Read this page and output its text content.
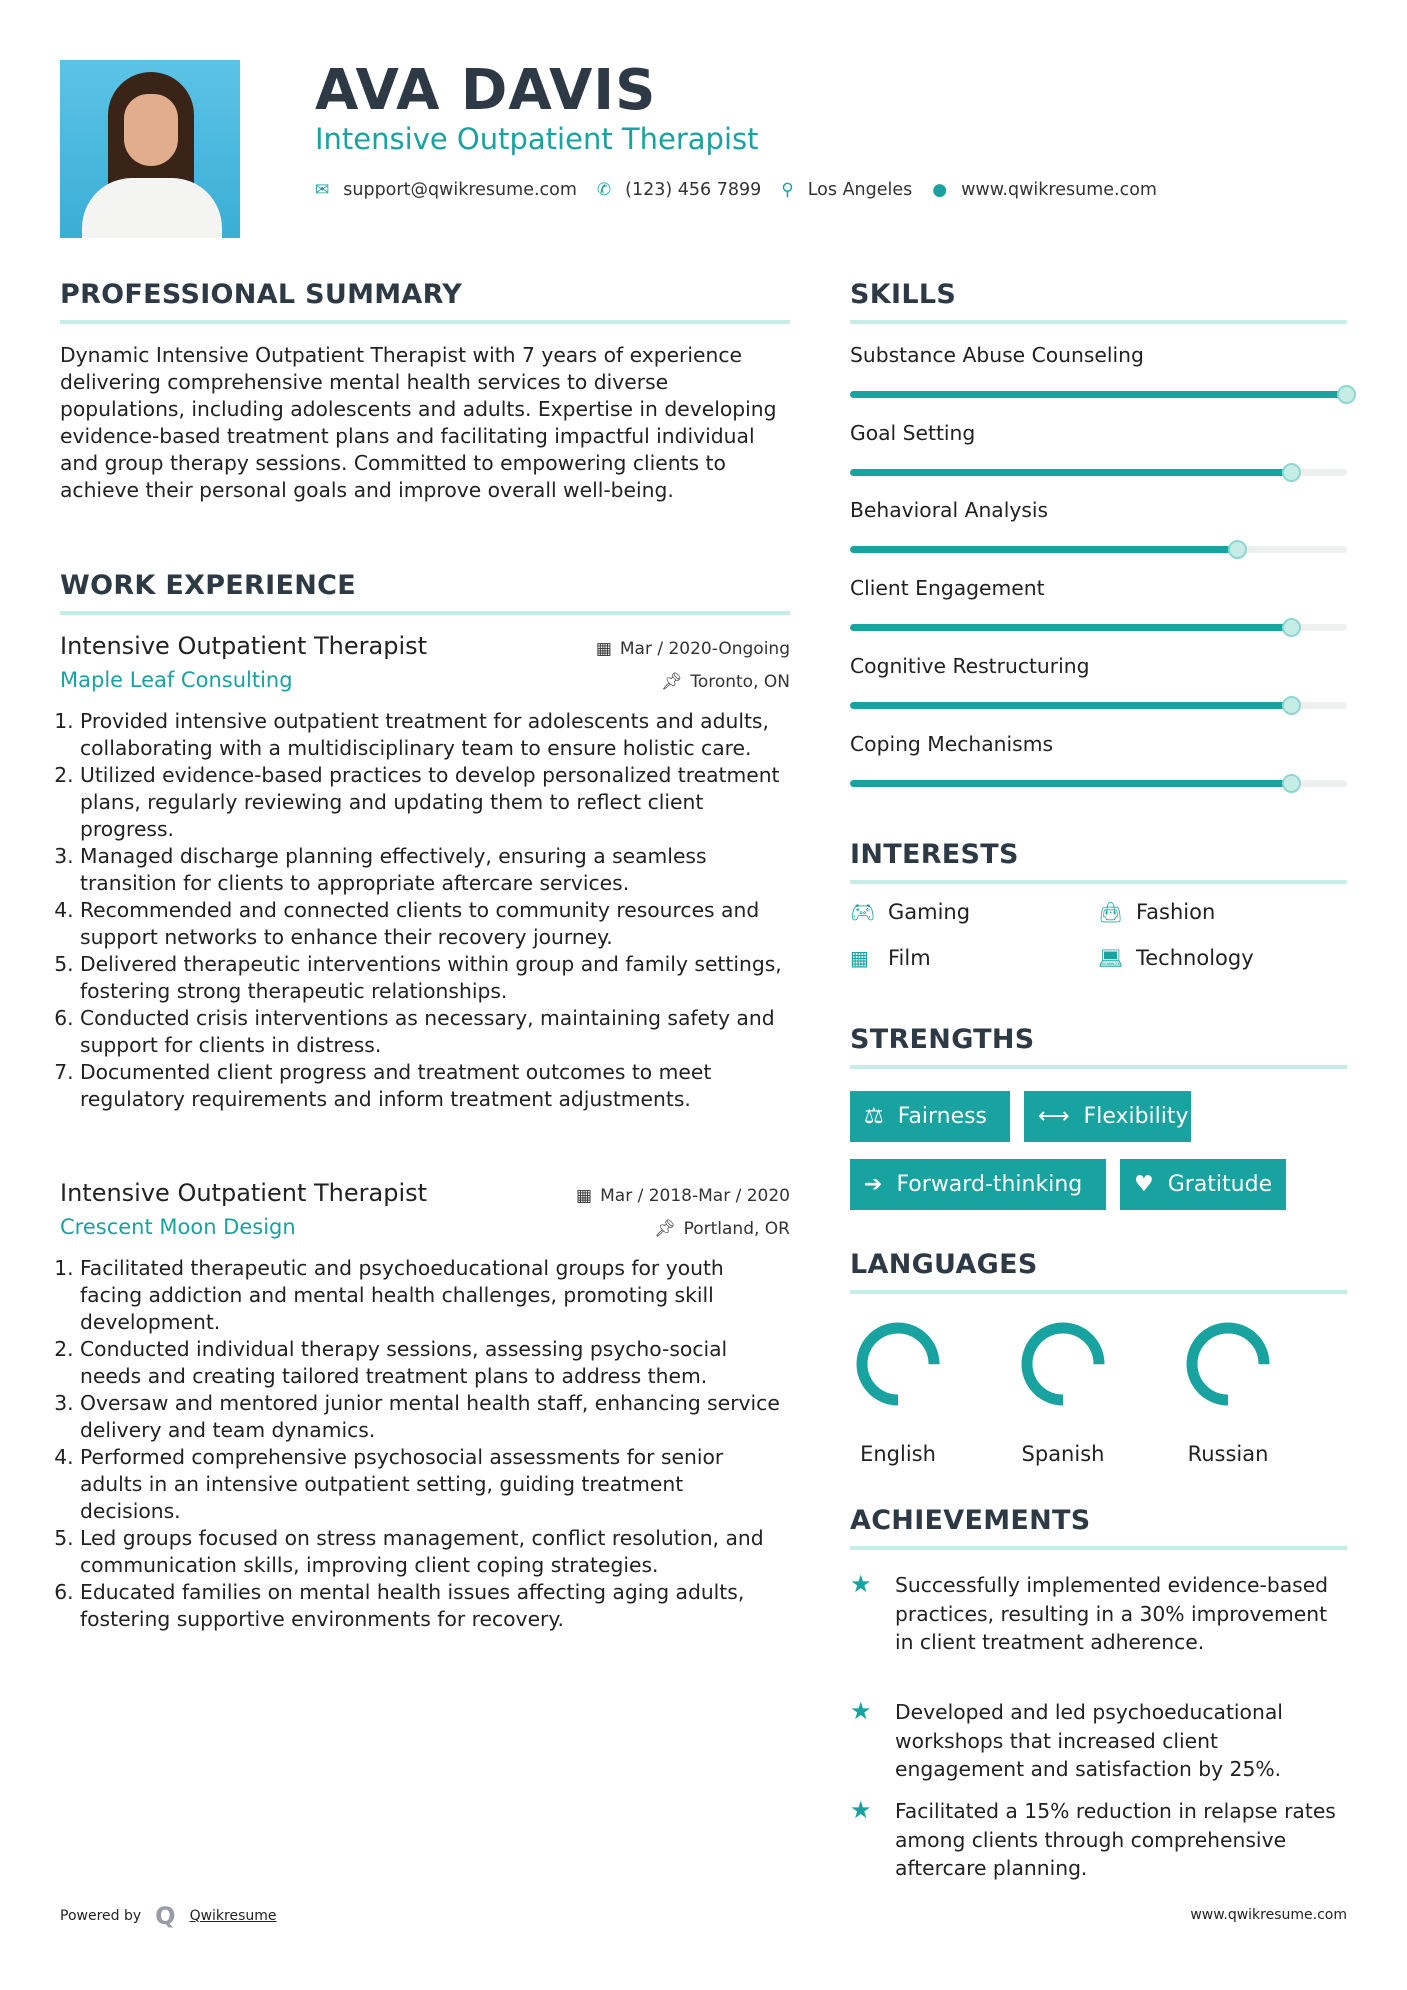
AVA DAVIS
Intensive Outpatient Therapist
✉ support@qwikresume.com ✆ (123) 456 7899 ⚲ Los Angeles ● www.qwikresume.com
PROFESSIONAL SUMMARY
Dynamic Intensive Outpatient Therapist with 7 years of experience delivering comprehensive mental health services to diverse populations, including adolescents and adults. Expertise in developing evidence-based treatment plans and facilitating impactful individual and group therapy sessions. Committed to empowering clients to achieve their personal goals and improve overall well-being.
WORK EXPERIENCE
Intensive Outpatient Therapist	▦ Mar / 2020-Ongoing
Maple Leaf Consulting	📌︎ Toronto, ON
1. Provided intensive outpatient treatment for adolescents and adults, collaborating with a multidisciplinary team to ensure holistic care.
2. Utilized evidence-based practices to develop personalized treatment plans, regularly reviewing and updating them to reflect client progress.
3. Managed discharge planning effectively, ensuring a seamless transition for clients to appropriate aftercare services.
4. Recommended and connected clients to community resources and support networks to enhance their recovery journey.
5. Delivered therapeutic interventions within group and family settings, fostering strong therapeutic relationships.
6. Conducted crisis interventions as necessary, maintaining safety and support for clients in distress.
7. Documented client progress and treatment outcomes to meet regulatory requirements and inform treatment adjustments.
Intensive Outpatient Therapist	▦ Mar / 2018-Mar / 2020
Crescent Moon Design	📌︎ Portland, OR
1. Facilitated therapeutic and psychoeducational groups for youth facing addiction and mental health challenges, promoting skill development.
2. Conducted individual therapy sessions, assessing psycho-social needs and creating tailored treatment plans to address them.
3. Oversaw and mentored junior mental health staff, enhancing service delivery and team dynamics.
4. Performed comprehensive psychosocial assessments for senior adults in an intensive outpatient setting, guiding treatment decisions.
5. Led groups focused on stress management, conflict resolution, and communication skills, improving client coping strategies.
6. Educated families on mental health issues affecting aging adults, fostering supportive environments for recovery.
SKILLS
Substance Abuse Counseling
Goal Setting
Behavioral Analysis
Client Engagement
Cognitive Restructuring
Coping Mechanisms
INTERESTS
🎮︎ Gaming	👜︎ Fashion
▦ Film	💻︎ Technology
STRENGTHS
⚖ Fairness ⟷ Flexibility
➔ Forward-thinking ♥ Gratitude
LANGUAGES
English	Spanish	Russian
ACHIEVEMENTS
★	Successfully implemented evidence-based practices, resulting in a 30% improvement in client treatment adherence.
★	Developed and led psychoeducational workshops that increased client engagement and satisfaction by 25%.
★	Facilitated a 15% reduction in relapse rates among clients through comprehensive aftercare planning.
Powered by Q Qwikresume	www.qwikresume.com
